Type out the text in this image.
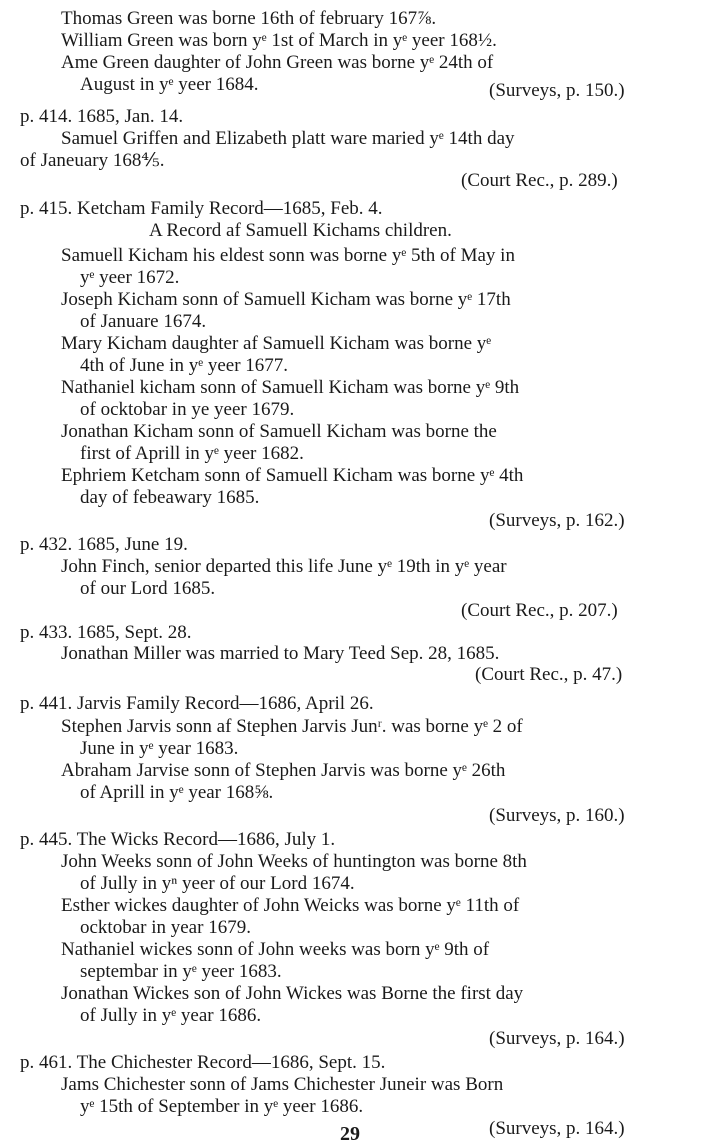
Thomas Green was borne 16th of february 167⅞.
William Green was born yᵉ 1st of March in yᵉ yeer 168½.
Ame Green daughter of John Green was borne yᵉ 24th of
August in yᵉ yeer 1684.	(Surveys, p. 150.)
p. 414. 1685, Jan. 14.
Samuel Griffen and Elizabeth platt ware maried yᵉ 14th day
of Janeuary 168⅘.
(Court Rec., p. 289.)
p. 415. Ketcham Family Record—1685, Feb. 4.
A Record af Samuell Kichams children.
Samuell Kicham his eldest sonn was borne yᵉ 5th of May in
yᵉ yeer 1672.
Joseph Kicham sonn of Samuell Kicham was borne yᵉ 17th
of Januare 1674.
Mary Kicham daughter af Samuell Kicham was borne yᵉ
4th of June in yᵉ yeer 1677.
Nathaniel kicham sonn of Samuell Kicham was borne yᵉ 9th
of ocktobar in ye yeer 1679.
Jonathan Kicham sonn of Samuell Kicham was borne the
first of Aprill in yᵉ yeer 1682.
Ephriem Ketcham sonn of Samuell Kicham was borne yᵉ 4th
day of febeawary 1685.
(Surveys, p. 162.)
p. 432. 1685, June 19.
John Finch, senior departed this life June yᵉ 19th in yᵉ year
of our Lord 1685.
(Court Rec., p. 207.)
p. 433. 1685, Sept. 28.
Jonathan Miller was married to Mary Teed Sep. 28, 1685.
(Court Rec., p. 47.)
p. 441. Jarvis Family Record—1686, April 26.
Stephen Jarvis sonn af Stephen Jarvis Junʳ. was borne yᵉ 2 of
June in yᵉ year 1683.
Abraham Jarvise sonn of Stephen Jarvis was borne yᵉ 26th
of Aprill in yᵉ year 168⅝.
(Surveys, p. 160.)
p. 445. The Wicks Record—1686, July 1.
John Weeks sonn of John Weeks of huntington was borne 8th
of Jully in yⁿ yeer of our Lord 1674.
Esther wickes daughter of John Weicks was borne yᵉ 11th of
ocktobar in year 1679.
Nathaniel wickes sonn of John weeks was born yᵉ 9th of
septembar in yᵉ yeer 1683.
Jonathan Wickes son of John Wickes was Borne the first day
of Jully in yᵉ year 1686.
(Surveys, p. 164.)
p. 461. The Chichester Record—1686, Sept. 15.
Jams Chichester sonn of Jams Chichester Juneir was Born
yᵉ 15th of September in yᵉ yeer 1686.
(Surveys, p. 164.)
29
